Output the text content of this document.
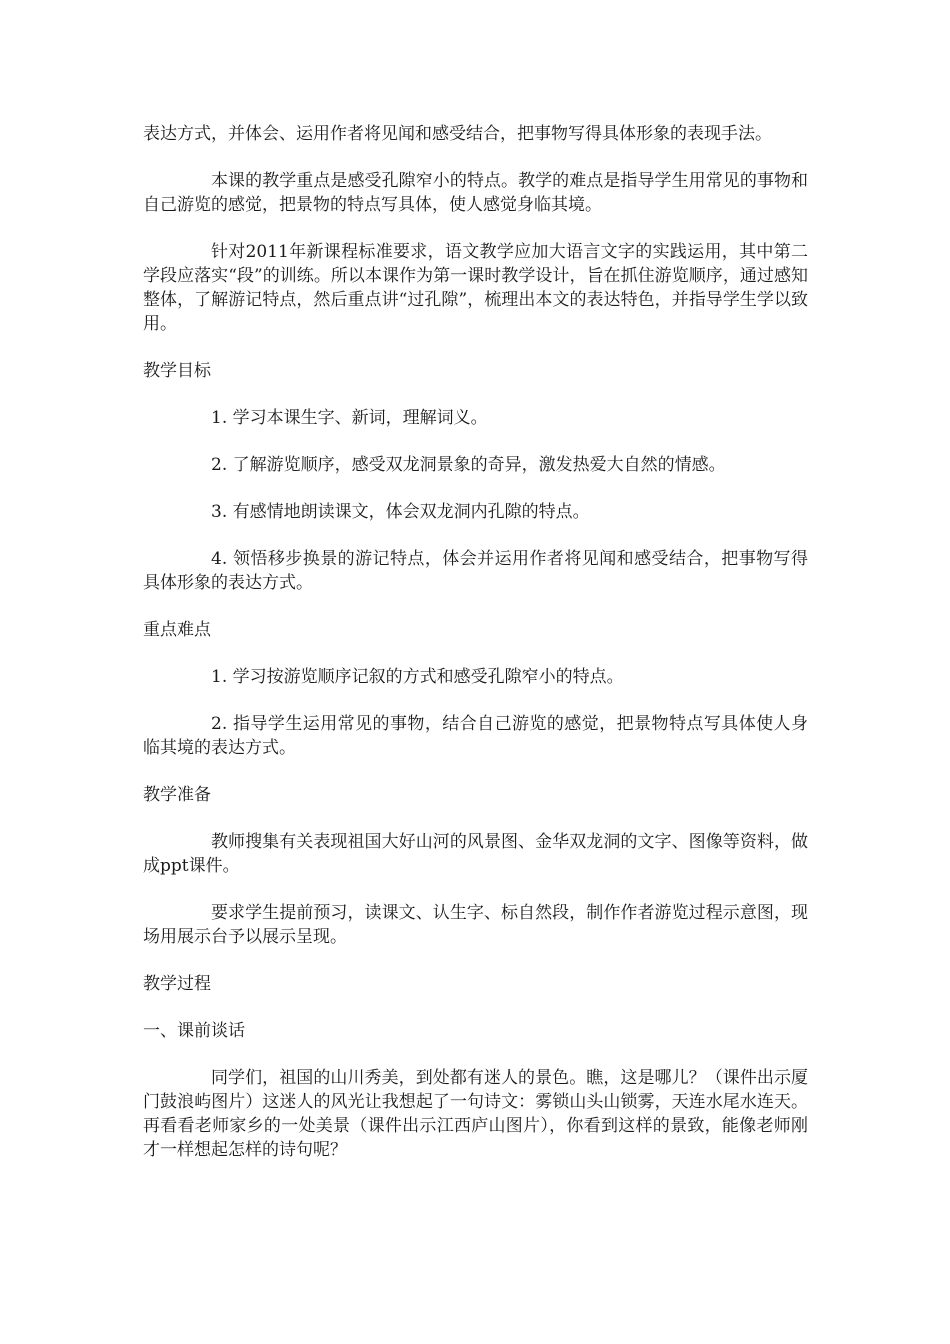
表达方式，并体会、运用作者将见闻和感受结合，把事物写得具体形象的表现手法。

本课的教学重点是感受孔隙窄小的特点。教学的难点是指导学生用常见的事物和自己游览的感觉，把景物的特点写具体，使人感觉身临其境。

针对2011年新课程标准要求，语文教学应加大语言文字的实践运用，其中第二学段应落实“段”的训练。所以本课作为第一课时教学设计，旨在抓住游览顺序，通过感知整体，了解游记特点，然后重点讲“过孔隙”，梳理出本文的表达特色，并指导学生学以致用。

教学目标

1. 学习本课生字、新词，理解词义。

2. 了解游览顺序，感受双龙洞景象的奇异，激发热爱大自然的情感。

3. 有感情地朗读课文，体会双龙洞内孔隙的特点。

4. 领悟移步换景的游记特点，体会并运用作者将见闻和感受结合，把事物写得具体形象的表达方式。

重点难点

1. 学习按游览顺序记叙的方式和感受孔隙窄小的特点。

2. 指导学生运用常见的事物，结合自己游览的感觉，把景物特点写具体使人身临其境的表达方式。

教学准备

教师搜集有关表现祖国大好山河的风景图、金华双龙洞的文字、图像等资料，做成ppt课件。

要求学生提前预习，读课文、认生字、标自然段，制作作者游览过程示意图，现场用展示台予以展示呈现。

教学过程
一、课前谈话

同学们，祖国的山川秀美，到处都有迷人的景色。瞧，这是哪儿？（课件出示厦门鼓浪屿图片）这迷人的风光让我想起了一句诗文：雾锁山头山锁雾，天连水尾水连天。再看看老师家乡的一处美景（课件出示江西庐山图片），你看到这样的景致，能像老师刚才一样想起怎样的诗句呢？
